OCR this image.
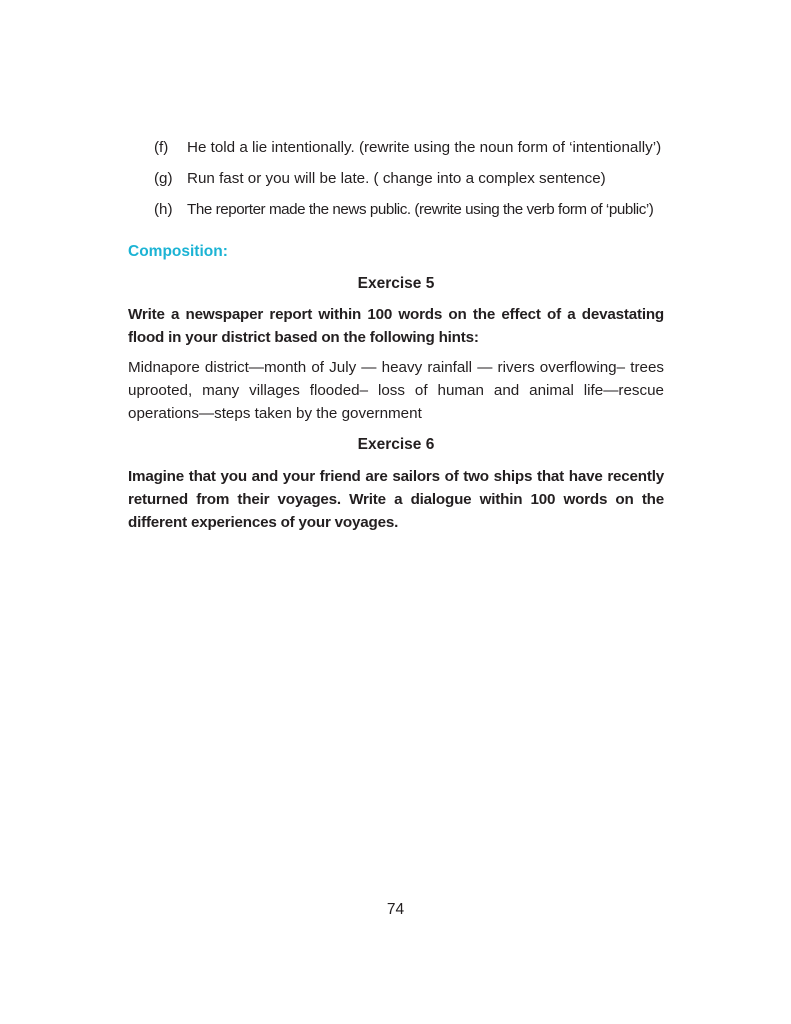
(f)	He told a lie intentionally. (rewrite using the noun form of ‘intentionally’)
(g) Run fast or you will be late. ( change into a complex sentence)
(h) The reporter made the news public. (rewrite using the verb form of ‘public’)
Composition:
Exercise 5
Write a newspaper report within 100 words on the effect of a devastating flood in your district based on the following hints:
Midnapore district—month of July — heavy rainfall — rivers overflowing– trees uprooted, many villages flooded– loss of human and animal life—rescue operations—steps taken by the government
Exercise 6
Imagine that you and your friend are sailors of two ships that have recently returned from their voyages. Write a dialogue within 100 words on the different experiences of your voyages.
74
